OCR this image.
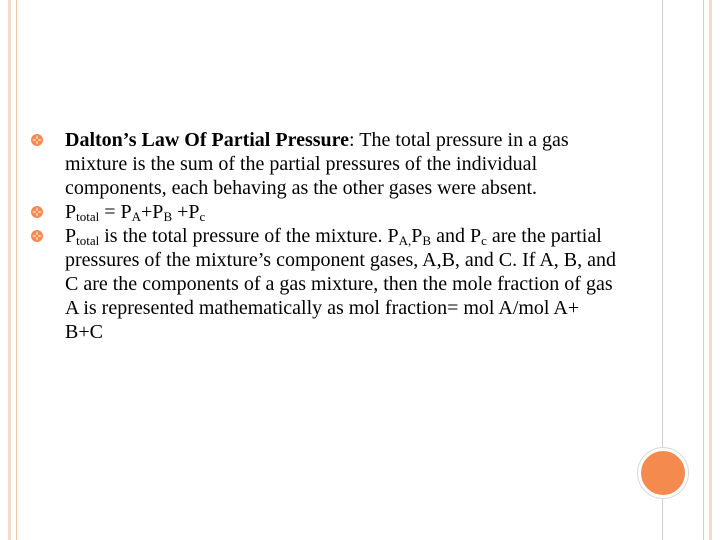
Dalton’s Law Of Partial Pressure: The total pressure in a gas mixture is the sum of the partial pressures of the individual components, each behaving as the other gases were absent.
$P_{total} = P_A+P_B +P_c$
$P_{total}$ is the total pressure of the mixture. $P_{A,}P_B$ and $P_c$ are the partial pressures of the mixture’s component gases, A,B, and C. If A, B, and C are the components of a gas mixture, then the mole fraction of gas A is represented mathematically as mol fraction= mol A/mol A+ B+C
